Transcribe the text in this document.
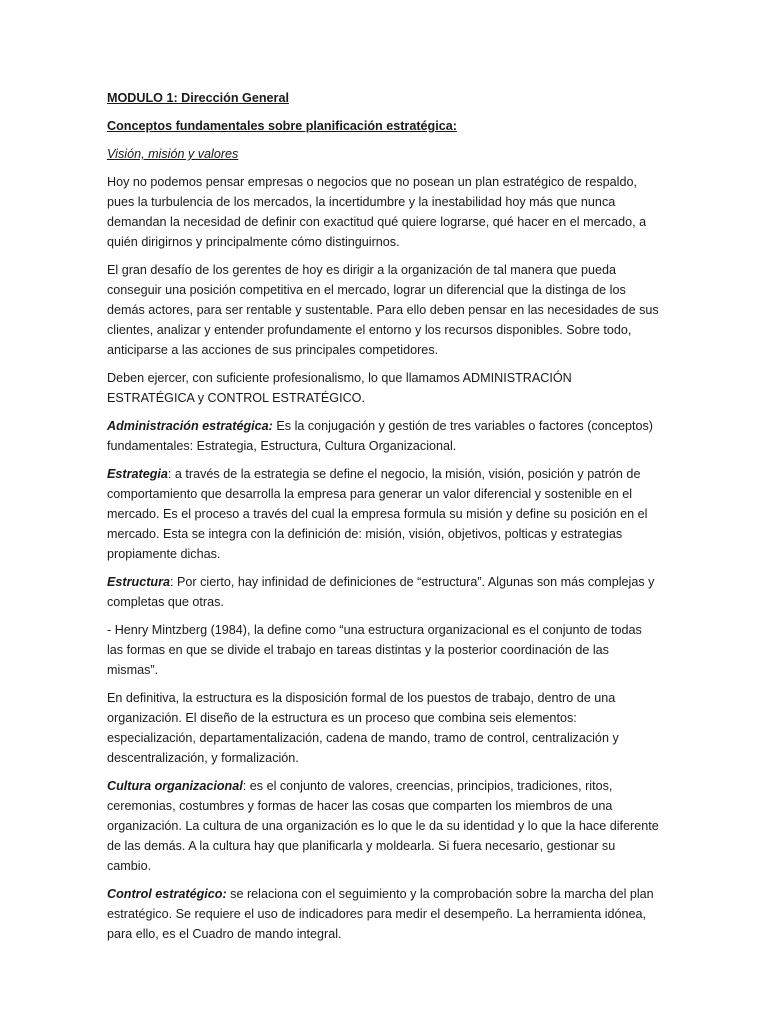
MODULO 1: Dirección General

Conceptos fundamentales sobre planificación estratégica:

Visión, misión y valores

Hoy no podemos pensar empresas o negocios que no posean un plan estratégico de respaldo, pues la turbulencia de los mercados, la incertidumbre y la inestabilidad hoy más que nunca demandan la necesidad de definir con exactitud qué quiere lograrse, qué hacer en el mercado, a quién dirigirnos y principalmente cómo distinguirnos.

El gran desafío de los gerentes de hoy es dirigir a la organización de tal manera que pueda conseguir una posición competitiva en el mercado, lograr un diferencial que la distinga de los demás actores, para ser rentable y sustentable. Para ello deben pensar en las necesidades de sus clientes, analizar y entender profundamente el entorno y los recursos disponibles. Sobre todo, anticiparse a las acciones de sus principales competidores.

Deben ejercer, con suficiente profesionalismo, lo que llamamos ADMINISTRACIÓN ESTRATÉGICA y CONTROL ESTRATÉGICO.

Administración estratégica: Es la conjugación y gestión de tres variables o factores (conceptos) fundamentales: Estrategia, Estructura, Cultura Organizacional.

Estrategia: a través de la estrategia se define el negocio, la misión, visión, posición y patrón de comportamiento que desarrolla la empresa para generar un valor diferencial y sostenible en el mercado. Es el proceso a través del cual la empresa formula su misión y define su posición en el mercado. Esta se integra con la definición de: misión, visión, objetivos, polticas y estrategias propiamente dichas.

Estructura: Por cierto, hay infinidad de definiciones de “estructura”. Algunas son más complejas y completas que otras.

- Henry Mintzberg (1984), la define como “una estructura organizacional es el conjunto de todas las formas en que se divide el trabajo en tareas distintas y la posterior coordinación de las mismas”.

En definitiva, la estructura es la disposición formal de los puestos de trabajo, dentro de una organización. El diseño de la estructura es un proceso que combina seis elementos: especialización, departamentalización, cadena de mando, tramo de control, centralización y descentralización, y formalización.

Cultura organizacional: es el conjunto de valores, creencias, principios, tradiciones, ritos, ceremonias, costumbres y formas de hacer las cosas que comparten los miembros de una organización. La cultura de una organización es lo que le da su identidad y lo que la hace diferente de las demás. A la cultura hay que planificarla y moldearla. Si fuera necesario, gestionar su cambio.

Control estratégico: se relaciona con el seguimiento y la comprobación sobre la marcha del plan estratégico. Se requiere el uso de indicadores para medir el desempeño. La herramienta idónea, para ello, es el Cuadro de mando integral.
